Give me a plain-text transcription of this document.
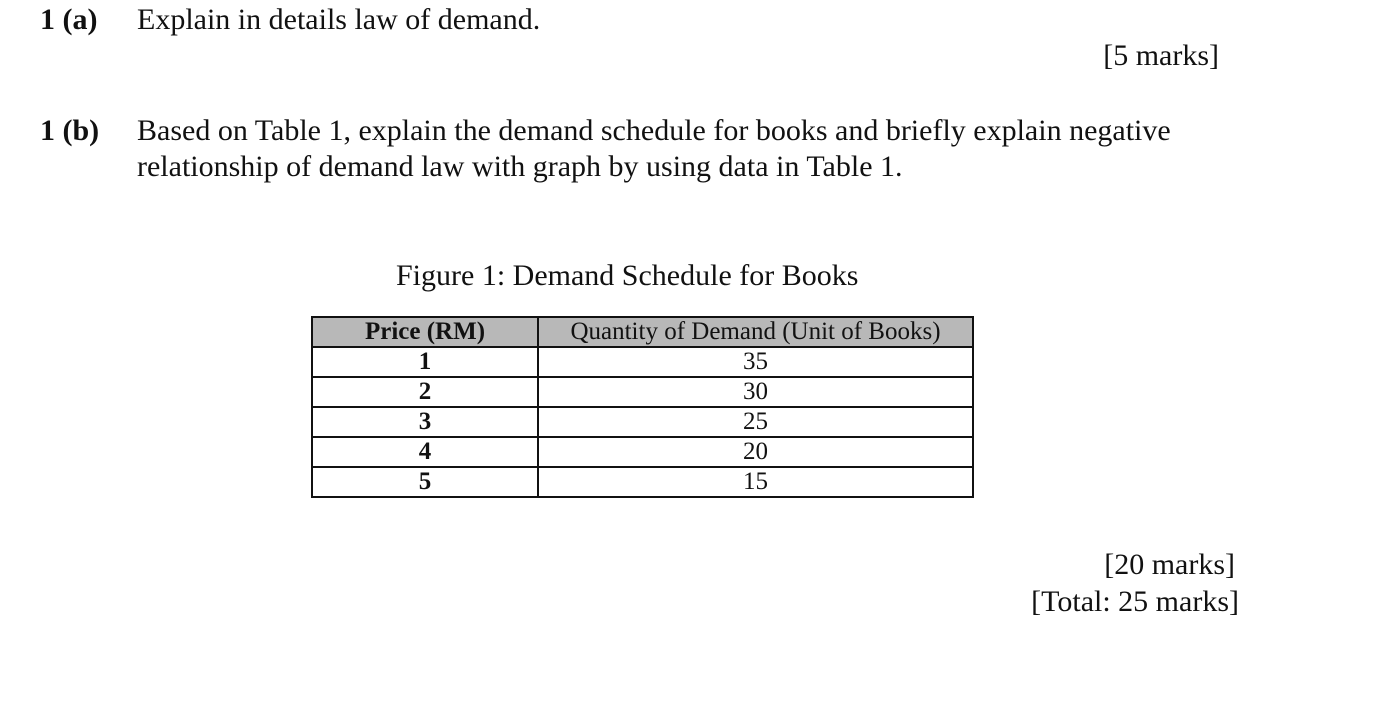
1 (a) Explain in details law of demand.
[5 marks]
1 (b) Based on Table 1, explain the demand schedule for books and briefly explain negative
relationship of demand law with graph by using data in Table 1.
Figure 1: Demand Schedule for Books
Price (RM)	Quantity of Demand (Unit of Books)
1	35
2	30
3	25
4	20
5	15
[20 marks]
[Total: 25 marks]
